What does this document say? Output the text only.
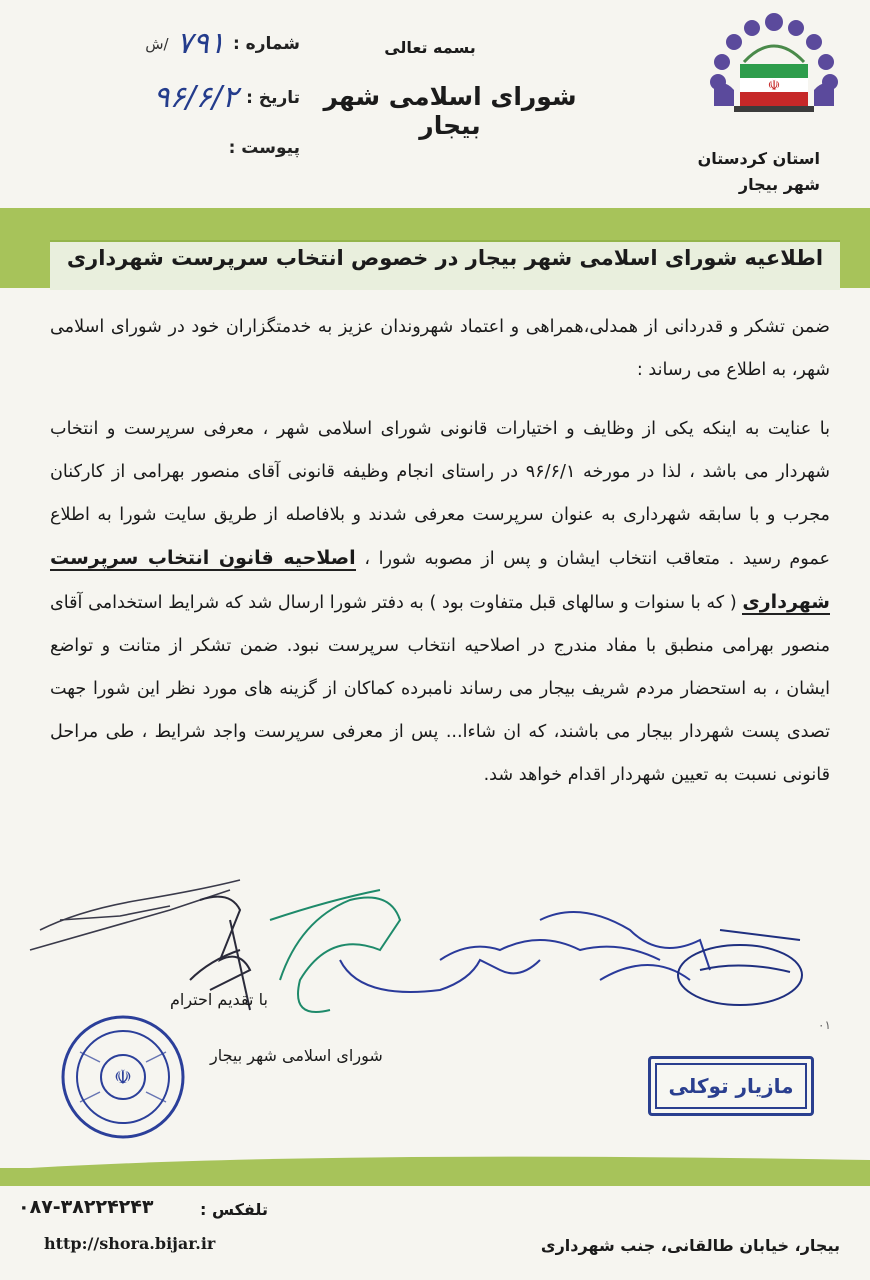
شماره :
۷۹۱
/ش
تاریخ :
۹۶/۶/۲
پیوست :
بسمه تعالی
شورای اسلامی شهر بیجار
☫
استان کردستان
شهر بیجار
اطلاعیه شورای اسلامی شهر بیجار در خصوص انتخاب سرپرست شهرداری

ضمن تشکر و قدردانی از همدلی،همراهی و اعتماد شهروندان عزیز به خدمتگزاران خود در شورای اسلامی شهر، به اطلاع می رساند :

با عنایت به اینکه یکی از وظایف و اختیارات قانونی شورای اسلامی شهر ، معرفی سرپرست و انتخاب شهردار می باشد ، لذا در مورخه ۹۶/۶/۱ در راستای انجام وظیفه قانونی آقای منصور بهرامی از کارکنان مجرب و با سابقه شهرداری به عنوان سرپرست معرفی شدند و بلافاصله از طریق سایت شورا به اطلاع عموم رسید . متعاقب انتخاب ایشان و پس از مصوبه شورا ، اصلاحیه قانون انتخاب سرپرست شهرداری ( که با سنوات و سالهای قبل متفاوت بود ) به دفتر شورا ارسال شد که شرایط استخدامی آقای منصور بهرامی منطبق با مفاد مندرج در اصلاحیه انتخاب سرپرست نبود. ضمن تشکر از متانت و تواضع ایشان ، به استحضار مردم شریف بیجار می رساند نامبرده کماکان از گزینه های مورد نظر این شورا جهت تصدی پست شهردار بیجار می باشند، که ان شاءا... پس از معرفی سرپرست واجد شرایط ، طی مراحل قانونی نسبت به تعیین شهردار اقدام خواهد شد.

با تقدیم احترام
شورای اسلامی شهر بیجار
☫
٠١
مازیار توکلی
۰۸۷-۳۸۲۲۴۲۴۳	تلفکس :
http://shora.bijar.ir	بیجار، خیابان طالقانی، جنب شهرداری
